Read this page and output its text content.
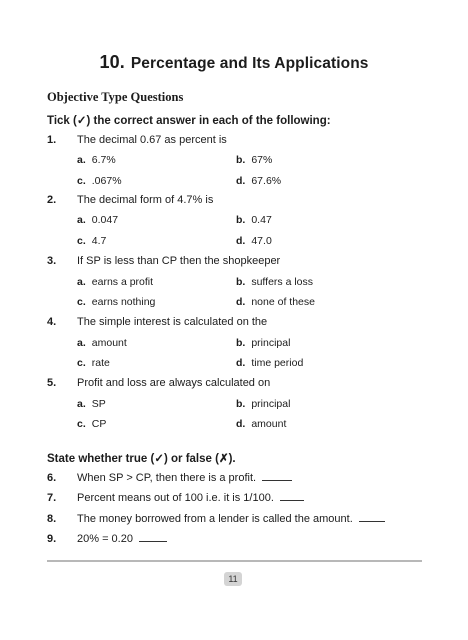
10. Percentage and Its Applications
Objective Type Questions
Tick (✓) the correct answer in each of the following:
1. The decimal 0.67 as percent is
a. 6.7%	b. 67%
c. .067%	d. 67.6%
2. The decimal form of 4.7% is
a. 0.047	b. 0.47
c. 4.7	d. 47.0
3. If SP is less than CP then the shopkeeper
a. earns a profit	b. suffers a loss
c. earns nothing	d. none of these
4. The simple interest is calculated on the
a. amount	b. principal
c. rate	d. time period
5. Profit and loss are always calculated on
a. SP	b. principal
c. CP	d. amount
State whether true (✓) or false (✗).
6. When SP > CP, then there is a profit.
7. Percent means out of 100 i.e. it is 1/100.
8. The money borrowed from a lender is called the amount.
9. 20% = 0.20
11
